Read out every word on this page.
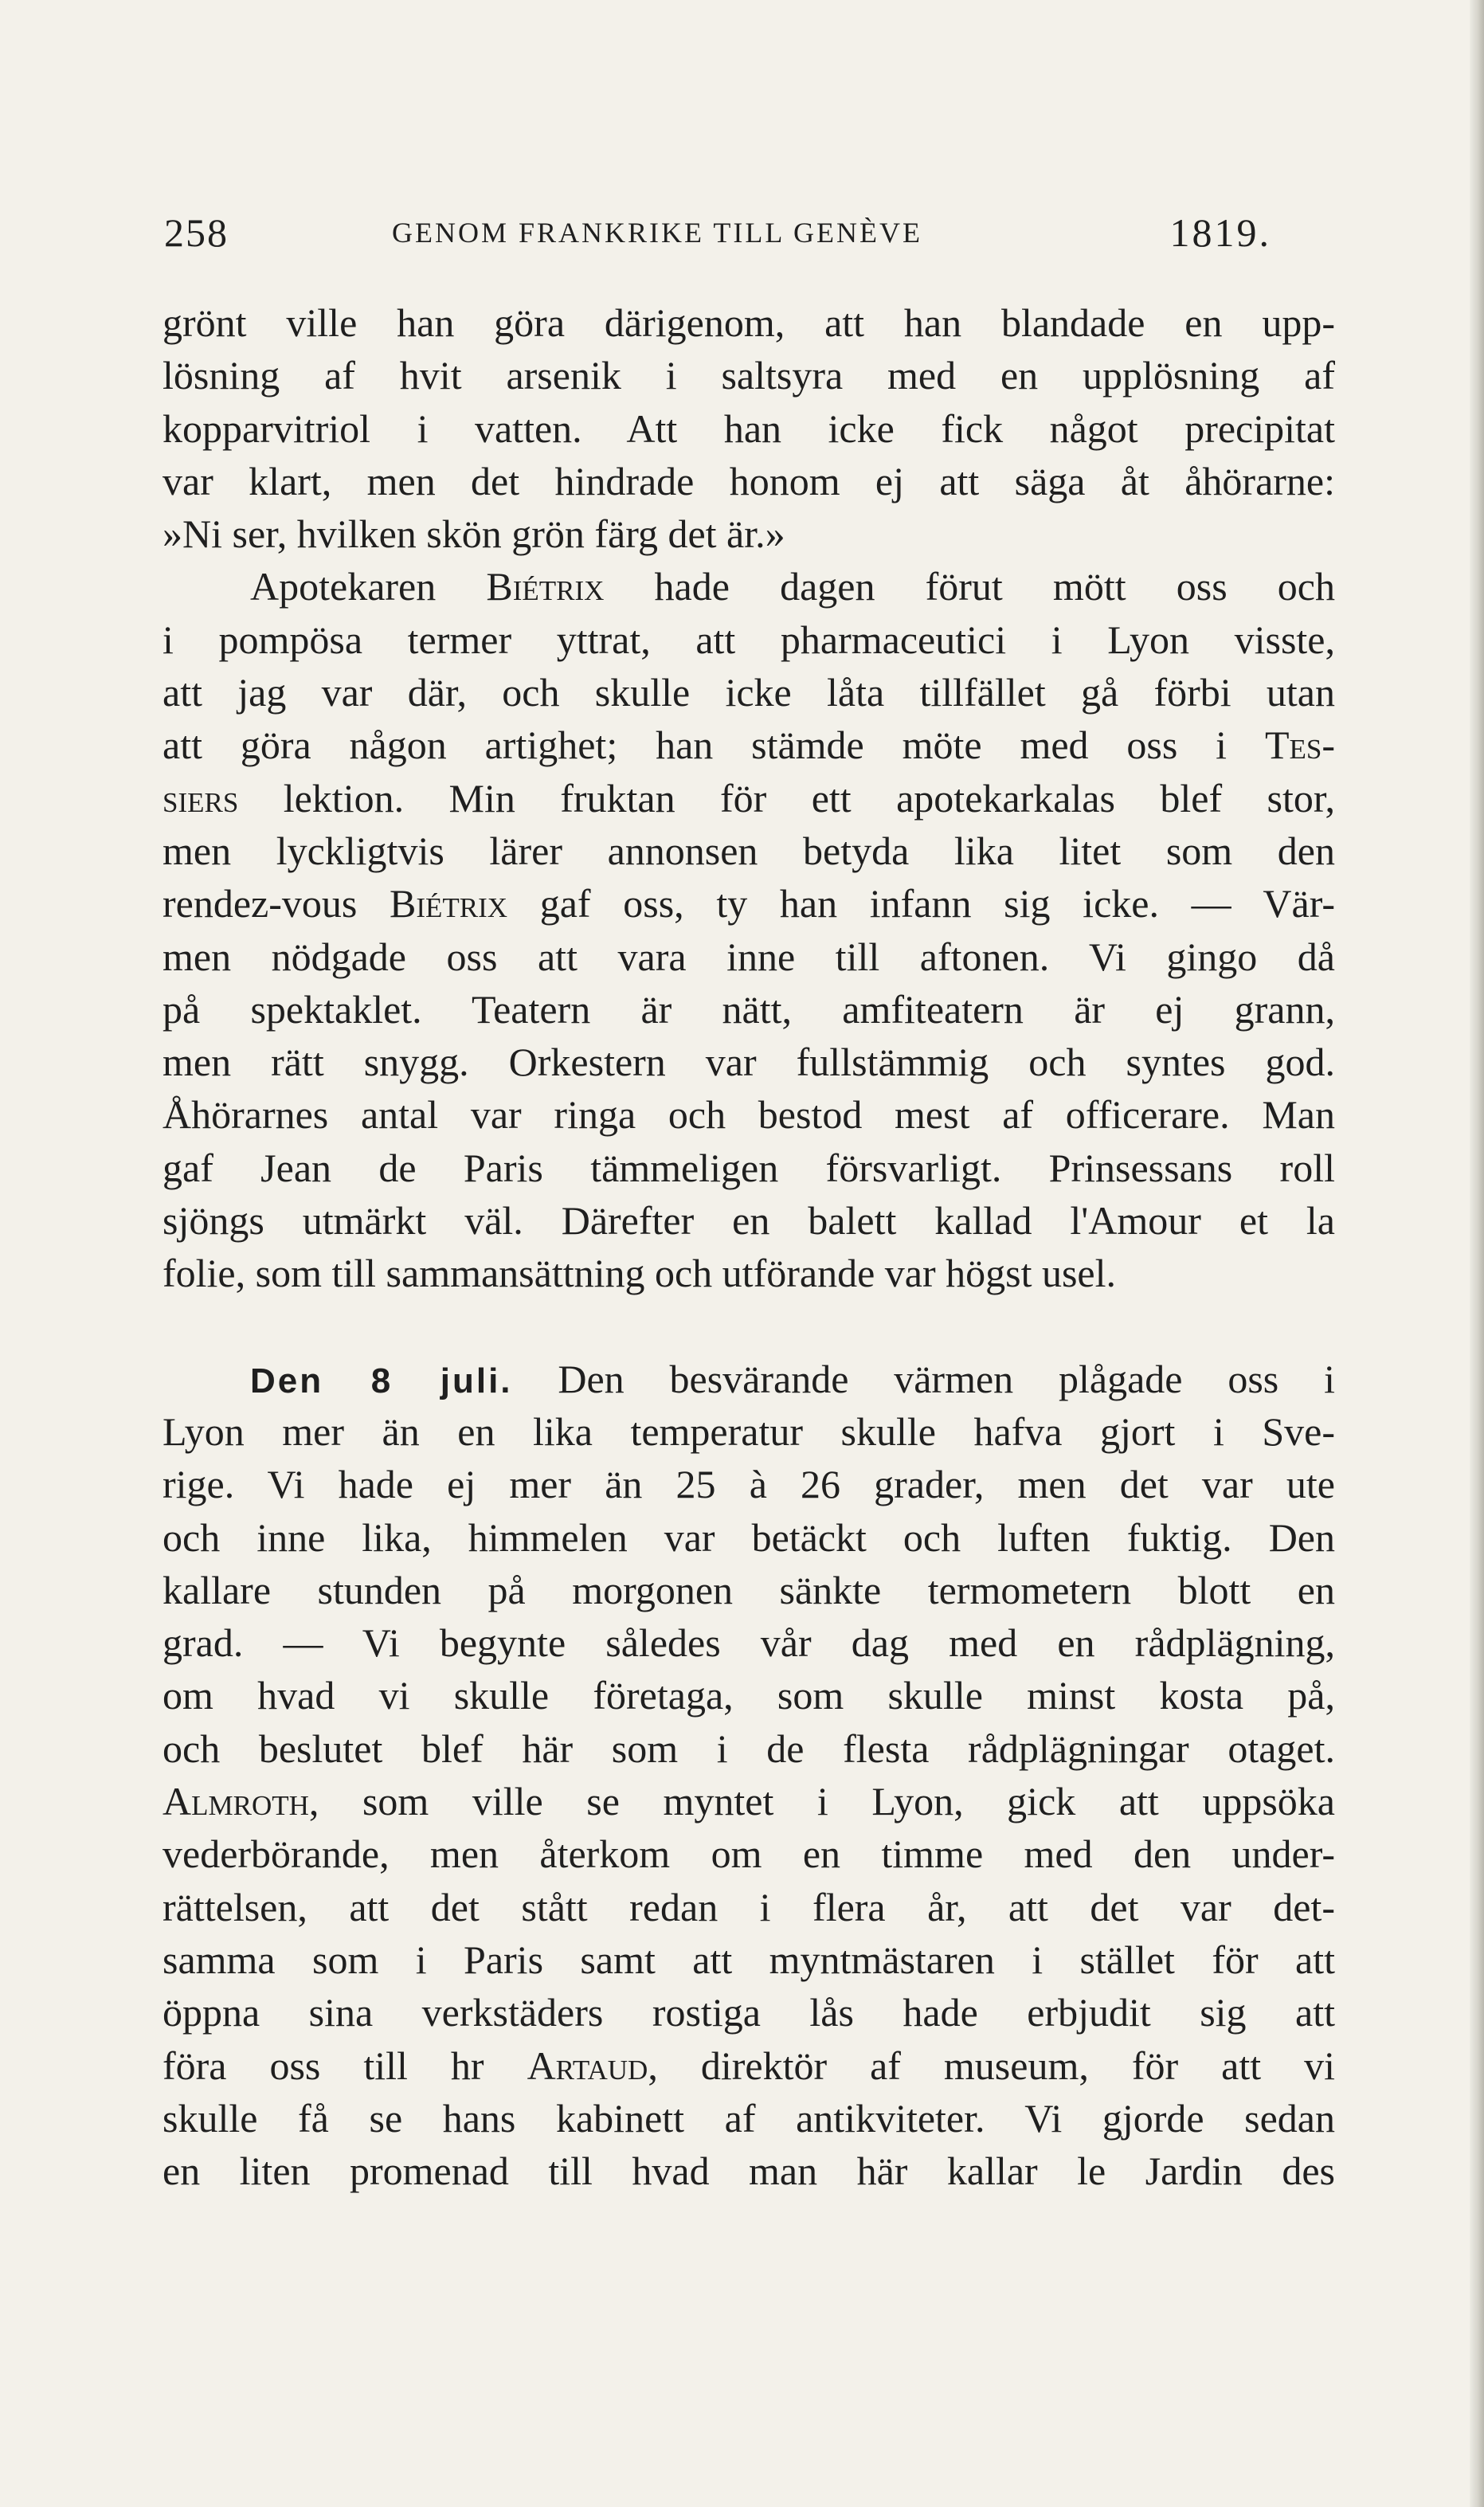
258	GENOM FRANKRIKE TILL GENÈVE	1819.
grönt ville han göra därigenom, att han blandade en upp-
lösning af hvit arsenik i saltsyra med en upplösning af
kopparvitriol i vatten. Att han icke fick något precipitat
var klart, men det hindrade honom ej att säga åt åhörarne:
»Ni ser, hvilken skön grön färg det är.»
Apotekaren Biétrix hade dagen förut mött oss och
i pompösa termer yttrat, att pharmaceutici i Lyon visste,
att jag var där, och skulle icke låta tillfället gå förbi utan
att göra någon artighet; han stämde möte med oss i Tes-
siers lektion. Min fruktan för ett apotekarkalas blef stor,
men lyckligtvis lärer annonsen betyda lika litet som den
rendez-vous Biétrix gaf oss, ty han infann sig icke. — Vär-
men nödgade oss att vara inne till aftonen. Vi gingo då
på spektaklet. Teatern är nätt, amfiteatern är ej grann,
men rätt snygg. Orkestern var fullstämmig och syntes god.
Åhörarnes antal var ringa och bestod mest af officerare. Man
gaf Jean de Paris tämmeligen försvarligt. Prinsessans roll
sjöngs utmärkt väl. Därefter en balett kallad l'Amour et la
folie, som till sammansättning och utförande var högst usel.
Den 8 juli. Den besvärande värmen plågade oss i
Lyon mer än en lika temperatur skulle hafva gjort i Sve-
rige. Vi hade ej mer än 25 à 26 grader, men det var ute
och inne lika, himmelen var betäckt och luften fuktig. Den
kallare stunden på morgonen sänkte termometern blott en
grad. — Vi begynte således vår dag med en rådplägning,
om hvad vi skulle företaga, som skulle minst kosta på,
och beslutet blef här som i de flesta rådplägningar otaget.
Almroth, som ville se myntet i Lyon, gick att uppsöka
vederbörande, men återkom om en timme med den under-
rättelsen, att det stått redan i flera år, att det var det-
samma som i Paris samt att myntmästaren i stället för att
öppna sina verkstäders rostiga lås hade erbjudit sig att
föra oss till hr Artaud, direktör af museum, för att vi
skulle få se hans kabinett af antikviteter. Vi gjorde sedan
en liten promenad till hvad man här kallar le Jardin des
